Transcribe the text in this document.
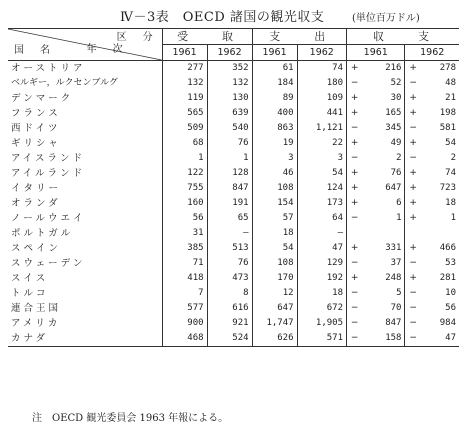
Ⅳ－3表　OECD 諸国の観光収支	(単位百万ドル)
区　分
年　次
国　名	受　　取		支　　出		収　　支			
	1961	1962	1961	1962	1961		1962	
オーストリア	277	352	61	74	+	216	+	278
ベルギー，ルクセンブルグ	132	132	184	180	−	52	−	48
デンマーク	119	130	89	109	+	30	+	21
フランス	565	639	400	441	+	165	+	198
西ドイツ	509	540	863	1,121	−	345	−	581
ギリシャ	68	76	19	22	+	49	+	54
アイスランド	1	1	3	3	−	2	−	2
アイルランド	122	128	46	54	+	76	+	74
イタリー	755	847	108	124	+	647	+	723
オランダ	160	191	154	173	+	6	+	18
ノールウエイ	56	65	57	64	−	1	+	1
ポルトガル	31	—	18	—				
スペイン	385	513	54	47	+	331	+	466
スウェーデン	71	76	108	129	−	37	−	53
スイス	418	473	170	192	+	248	+	281
トルコ	7	8	12	18	−	5	−	10
連合王国	577	616	647	672	−	70	−	56
アメリカ	900	921	1,747	1,905	−	847	−	984
カナダ	468	524	626	571	−	158	−	47
注　OECD 観光委員会 1963 年報による。
